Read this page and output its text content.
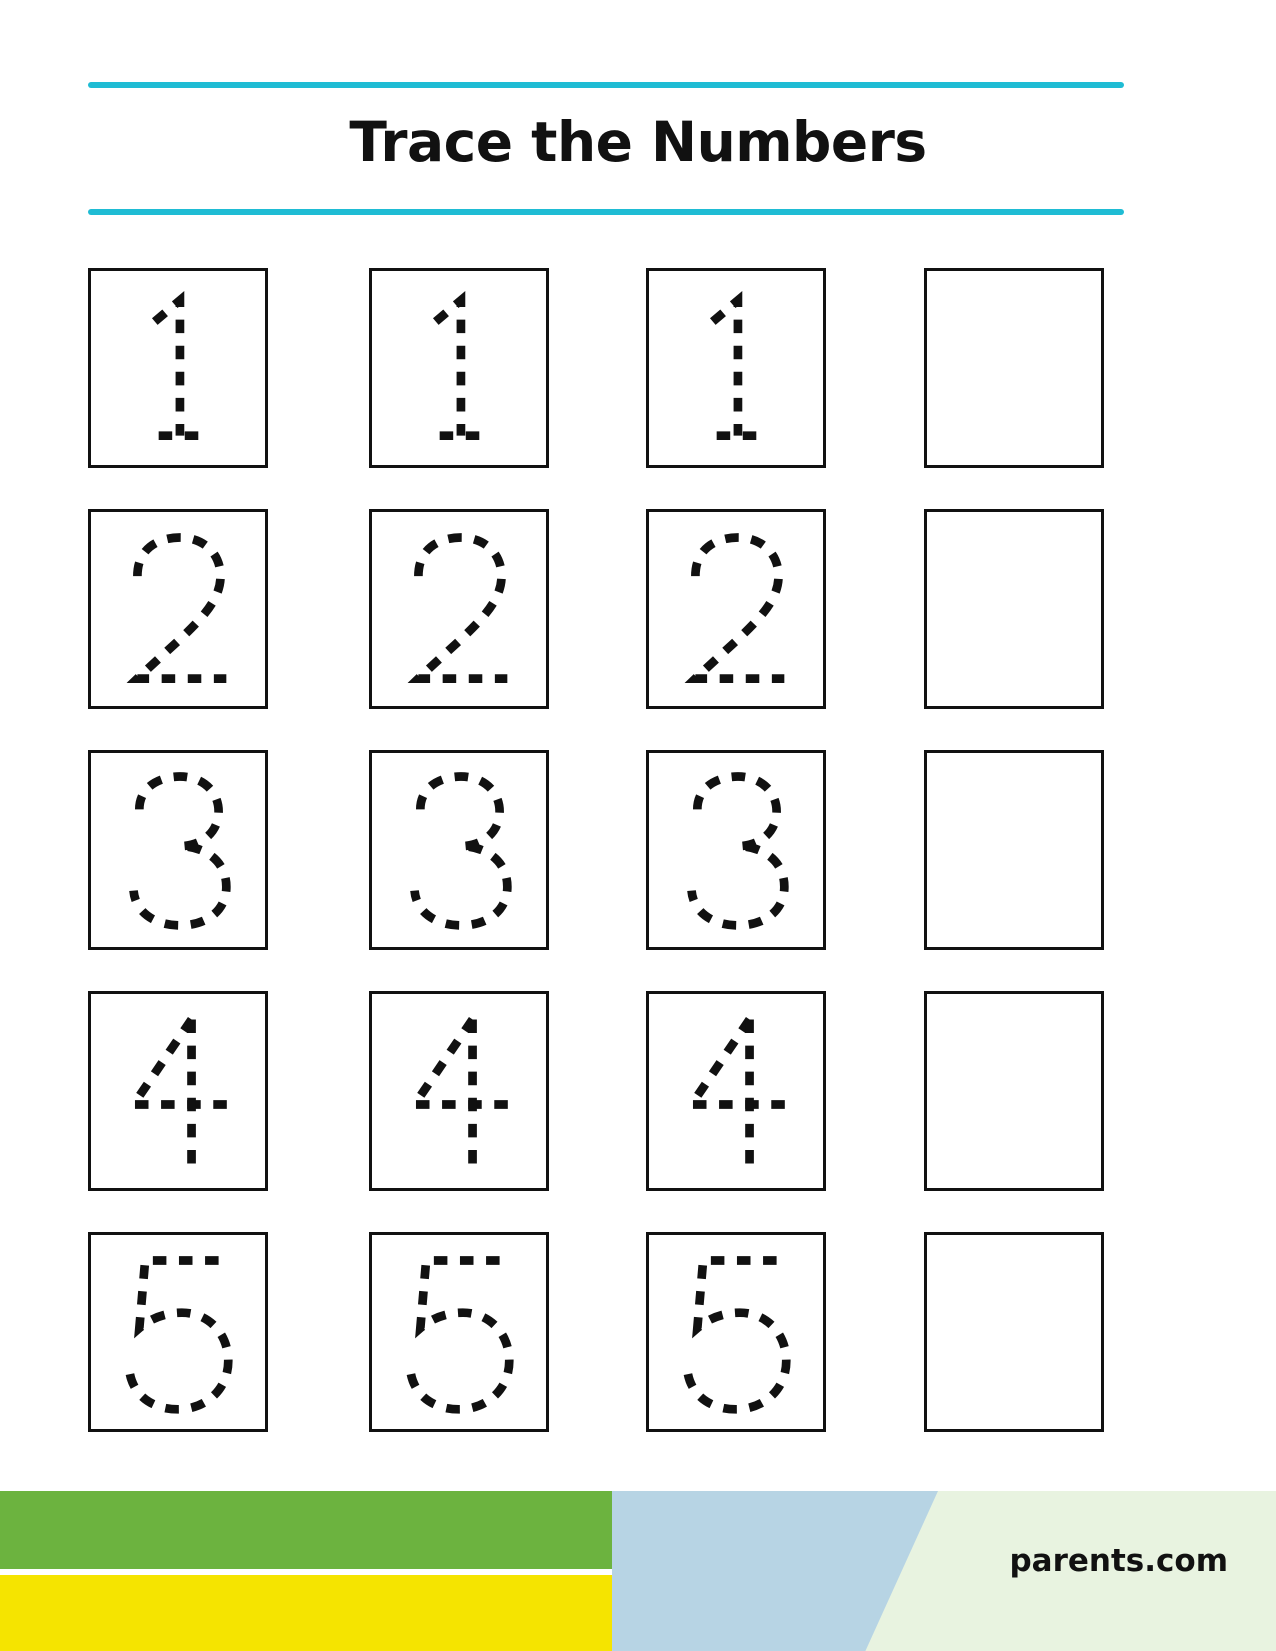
Trace the Numbers
parents.com
